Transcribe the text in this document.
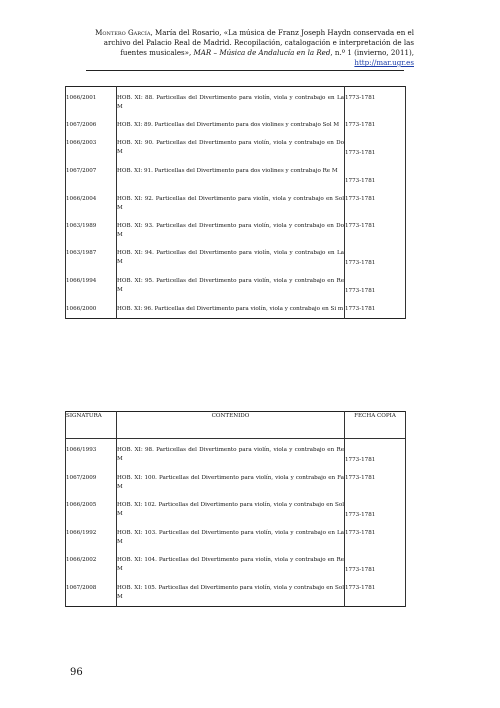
Montero García, María del Rosario, «La música de Franz Joseph Haydn conservada en el archivo del Palacio Real de Madrid. Recopilación, catalogación e interpretación de las fuentes musicales», MAR – Música de Andalucía en la Red, n.º 1 (invierno, 2011), http://mar.ugr.es

1066/2001	HOB. XI: 88. Particellas del Divertimento para violín, viola y contrabajo en La M	1773-1781

1067/2006	HOB. XI: 89. Particellas del Divertimento para dos violines y contrabajo Sol M	1773-1781

1066/2003	HOB. XI: 90. Particellas del Divertimento para violín, viola y contrabajo en Do M	1773-1781

1067/2007	HOB. XI: 91. Particellas del Divertimento para dos violines y contrabajo Re M	1773-1781

1066/2004	HOB. XI: 92. Particellas del Divertimento para violín, viola y contrabajo en Sol M	1773-1781

1063/1989	HOB. XI: 93. Particellas del Divertimento para violín, viola y contrabajo en Do M	1773-1781

1063/1987	HOB. XI: 94. Particellas del Divertimento para violín, viola y contrabajo en La M	1773-1781

1066/1994	HOB. XI: 95. Particellas del Divertimento para violín, viola y contrabajo en Re M	1773-1781

1066/2000	HOB. XI: 96. Particellas del Divertimento para violín, viola y contrabajo en Si m	1773-1781
SIGNATURA	CONTENIDO	FECHA COPIA

1066/1993	HOB. XI: 98. Particellas del Divertimento para violín, viola y contrabajo en Re M	1773-1781

1067/2009	HOB. XI: 100. Particellas del Divertimento para violín, viola y contrabajo en Fa M	1773-1781

1066/2005	HOB. XI: 102. Particellas del Divertimento para violín, viola y contrabajo en Sol M	1773-1781

1066/1992	HOB. XI: 103. Particellas del Divertimento para violín, viola y contrabajo en La M	1773-1781

1066/2002	HOB. XI: 104. Particellas del Divertimento para violín, viola y contrabajo en Re M	1773-1781

1067/2008	HOB. XI: 105. Particellas del Divertimento para violín, viola y contrabajo en Sol M	1773-1781
96
